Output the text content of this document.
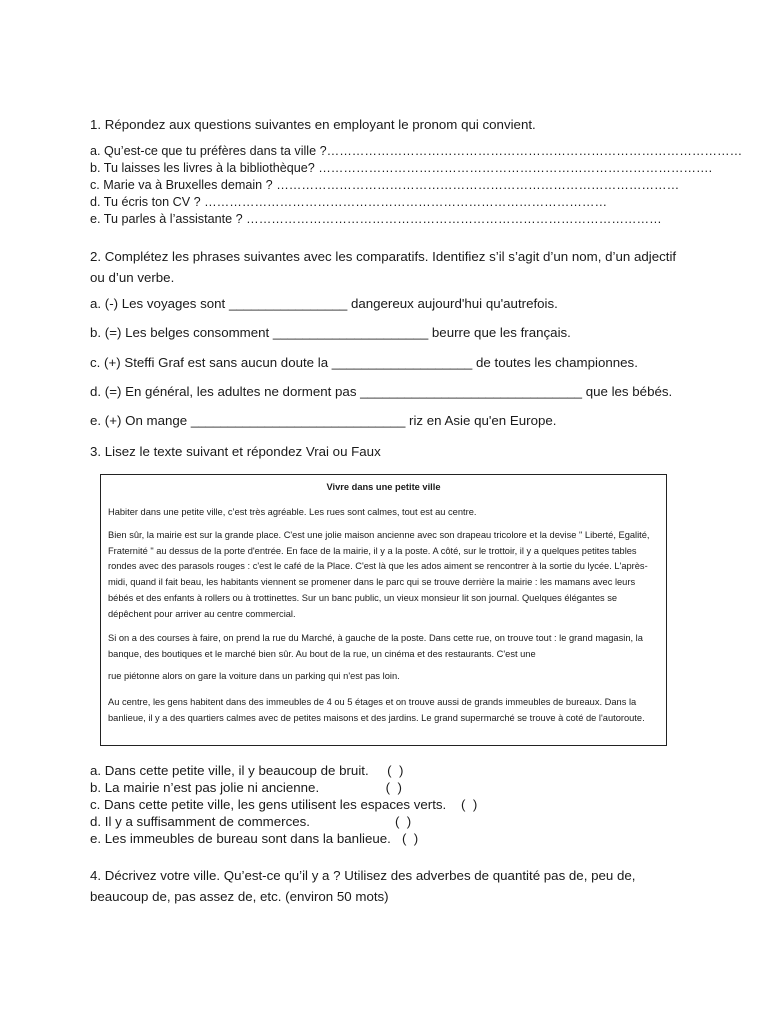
1. Répondez aux questions suivantes en employant le pronom qui convient.
a. Qu’est-ce que tu préfères dans ta ville ?………………………………………………………………………………………
b. Tu laisses les livres à la bibliothèque? ………………………………………………………………………………….
c. Marie va à Bruxelles demain ? ……………………………………………………………………………………
d. Tu écris ton CV ? ……………………………………………………………………………………
e. Tu parles à l’assistante ? ………………………………………………………………………………………
2. Complétez les phrases suivantes avec les comparatifs. Identifiez s’il s’agit d’un nom, d’un adjectif ou d’un verbe.
a. (-) Les voyages sont ________________ dangereux aujourd'hui qu'autrefois.
b. (=) Les belges consomment _____________________ beurre que les français.
c. (+) Steffi Graf est sans aucun doute la ___________________ de toutes les championnes.
d. (=) En général, les adultes ne dorment pas ______________________________ que les bébés.
e. (+) On mange _____________________________ riz en Asie qu'en Europe.
3. Lisez le texte suivant et répondez Vrai ou Faux
Vivre dans une petite ville

Habiter dans une petite ville, c’est très agréable. Les rues sont calmes, tout est au centre.

Bien sûr, la mairie est sur la grande place. C'est une jolie maison ancienne avec son drapeau tricolore et la devise " Liberté, Egalité, Fraternité " au dessus de la porte d'entrée. En face de la mairie, il y a la poste. A côté, sur le trottoir, il y a quelques petites tables rondes avec des parasols rouges : c'est le café de la Place. C'est là que les ados aiment se rencontrer à la sortie du lycée. L'après-midi, quand il fait beau, les habitants viennent se promener dans le parc qui se trouve derrière la mairie : les mamans avec leurs bébés et des enfants à rollers ou à trottinettes. Sur un banc public, un vieux monsieur lit son journal. Quelques élégantes se dépêchent pour arriver au centre commercial.

Si on a des courses à faire, on prend la rue du Marché, à gauche de la poste. Dans cette rue, on trouve tout : le grand magasin, la banque, des boutiques et le marché bien sûr. Au bout de la rue, un cinéma et des restaurants. C'est une

rue piétonne alors on gare la voiture dans un parking qui n'est pas loin.

Au centre, les gens habitent dans des immeubles de 4 ou 5 étages et on trouve aussi de grands immeubles de bureaux. Dans la banlieue, il y a des quartiers calmes avec de petites maisons et des jardins. Le grand supermarché se trouve à coté de l'autoroute.

a. Dans cette petite ville, il y beaucoup de bruit.     (  )
b. La mairie n’est pas jolie ni ancienne.                  (  )
c. Dans cette petite ville, les gens utilisent les espaces verts.    (  )
d. Il y a suffisamment de commerces.                       (  )
e. Les immeubles de bureau sont dans la banlieue.   (  )
4. Décrivez votre ville. Qu’est-ce qu’il y a ? Utilisez des adverbes de quantité pas de, peu de, beaucoup de, pas assez de, etc. (environ 50 mots)
